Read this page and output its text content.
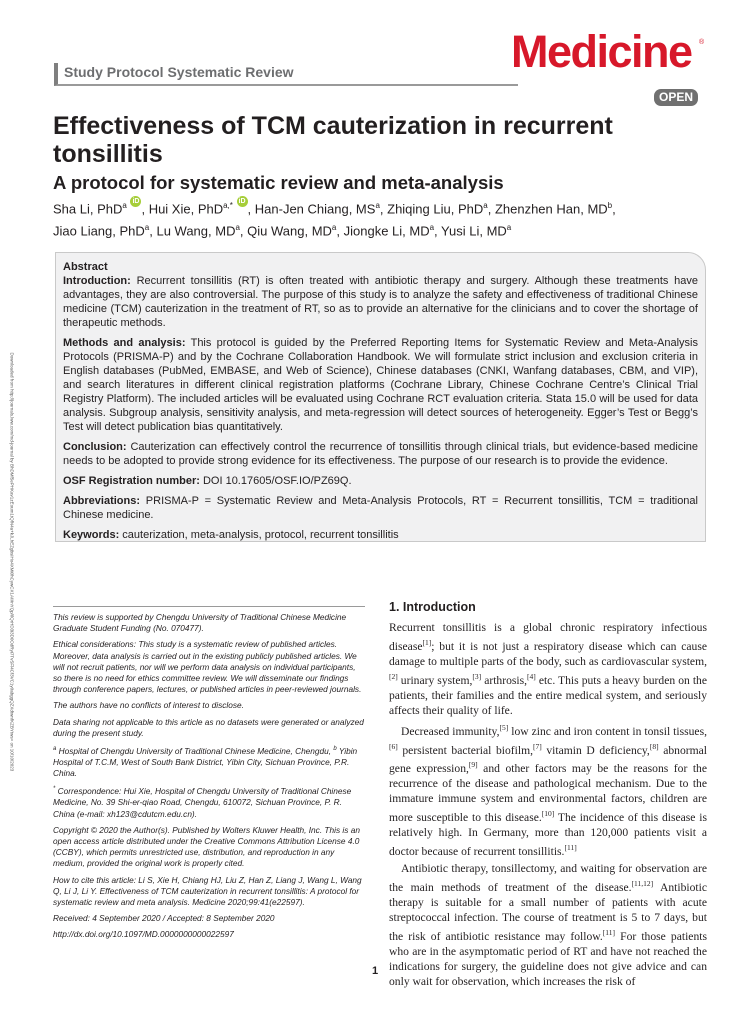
Downloaded from http://journals.lww.com/md-journal by BhDMf5ePHKav1zEoum1tQfN4a+kJLhEZgbsIHo4XMi0hCywCX1AWnYQp/IlQrHD3i3D0OdRyi7TvSFl4Cf3VC1y0abggQZXdtwnfKZBYtws= on 10/10/2023
Study Protocol Systematic Review	Medicine ®
OPEN
Effectiveness of TCM cauterization in recurrent tonsillitis
A protocol for systematic review and meta-analysis
Sha Li, PhD$^a$ iD , Hui Xie, PhD$^{a,*}$ iD , Han-Jen Chiang, $MS^a$, Zhiqing Liu, PhD$^a$, Zhenzhen Han, $MD^b$,
Jiao Liang, PhD$^a$, Lu Wang, $MD^a$, Qiu Wang, $MD^a$, Jiongke Li, $MD^a$, Yusi Li, $MD^a$

Abstract

Introduction: Recurrent tonsillitis (RT) is often treated with antibiotic therapy and surgery. Although these treatments have advantages, they are also controversial. The purpose of this study is to analyze the safety and effectiveness of traditional Chinese medicine (TCM) cauterization in the treatment of RT, so as to provide an alternative for the clinicians and to cover the shortage of therapeutic methods.

Methods and analysis: This protocol is guided by the Preferred Reporting Items for Systematic Review and Meta-Analysis Protocols (PRISMA-P) and by the Cochrane Collaboration Handbook. We will formulate strict inclusion and exclusion criteria in English databases (PubMed, EMBASE, and Web of Science), Chinese databases (CNKI, Wanfang databases, CBM, and VIP), and search literatures in different clinical registration platforms (Cochrane Library, Chinese Cochrane Centre’s Clinical Trial Registry Platform). The included articles will be evaluated using Cochrane RCT evaluation criteria. Stata 15.0 will be used for data analysis. Subgroup analysis, sensitivity analysis, and meta-regression will detect sources of heterogeneity. Egger’s Test or Begg’s Test will detect publication bias quantitatively.

Conclusion: Cauterization can effectively control the recurrence of tonsillitis through clinical trials, but evidence-based medicine needs to be adopted to provide strong evidence for its effectiveness. The purpose of our research is to provide the evidence.

OSF Registration number: DOI 10.17605/OSF.IO/PZ69Q.

Abbreviations: PRISMA-P = Systematic Review and Meta-Analysis Protocols, RT = Recurrent tonsillitis, TCM = traditional Chinese medicine.

Keywords: cauterization, meta-analysis, protocol, recurrent tonsillitis

This review is supported by Chengdu University of Traditional Chinese Medicine Graduate Student Funding (No. 070477).

Ethical considerations: This study is a systematic review of published articles. Moreover, data analysis is carried out in the existing publicly published articles. We will not recruit patients, nor will we perform data analysis on individual participants, so there is no need for ethics committee review. We will disseminate our findings through conference papers, lectures, or published articles in peer-reviewed journals.

The authors have no conflicts of interest to disclose.

Data sharing not applicable to this article as no datasets were generated or analyzed during the present study.

$^a$ Hospital of Chengdu University of Traditional Chinese Medicine, Chengdu, $^b$ Yibin Hospital of T.C.M, West of South Bank District, Yibin City, Sichuan Province, P.R. China.

* Correspondence: Hui Xie, Hospital of Chengdu University of Traditional Chinese Medicine, No. 39 Shi-er-qiao Road, Chengdu, 610072, Sichuan Province, P. R. China (e-mail: xh123@cdutcm.edu.cn).

Copyright © 2020 the Author(s). Published by Wolters Kluwer Health, Inc. This is an open access article distributed under the Creative Commons Attribution License 4.0 (CCBY), which permits unrestricted use, distribution, and reproduction in any medium, provided the original work is properly cited.

How to cite this article: Li S, Xie H, Chiang HJ, Liu Z, Han Z, Liang J, Wang L, Wang Q, Li J, Li Y. Effectiveness of TCM cauterization in recurrent tonsillitis: A protocol for systematic review and meta analysis. Medicine 2020;99:41(e22597).

Received: 4 September 2020 / Accepted: 8 September 2020

http://dx.doi.org/10.1097/MD.0000000000022597

1. Introduction

Recurrent tonsillitis is a global chronic respiratory infectious disease[1]; but it is not just a respiratory disease which can cause damage to multiple parts of the body, such as cardiovascular system,[2] urinary system,[3] arthrosis,[4] etc. This puts a heavy burden on the patients, their families and the entire medical system, and seriously affects their quality of life.

Decreased immunity,[5] low zinc and iron content in tonsil tissues,[6] persistent bacterial biofilm,[7] vitamin D deficiency,[8] abnormal gene expression,[9] and other factors may be the reasons for the recurrence of the disease and pathological mechanism. Due to the immature immune system and environmental factors, children are more susceptible to this disease.[10] The incidence of this disease is relatively high. In Germany, more than 120,000 patients visit a doctor because of recurrent tonsillitis.[11]

Antibiotic therapy, tonsillectomy, and waiting for observation are the main methods of treatment of the disease.[11,12] Antibiotic therapy is suitable for a small number of patients with acute streptococcal infection. The course of treatment is 5 to 7 days, but the risk of antibiotic resistance may follow.[11] For those patients who are in the asymptomatic period of RT and have not reached the indications for surgery, the guideline does not give advice and can only wait for observation, which increases the risk of

1
